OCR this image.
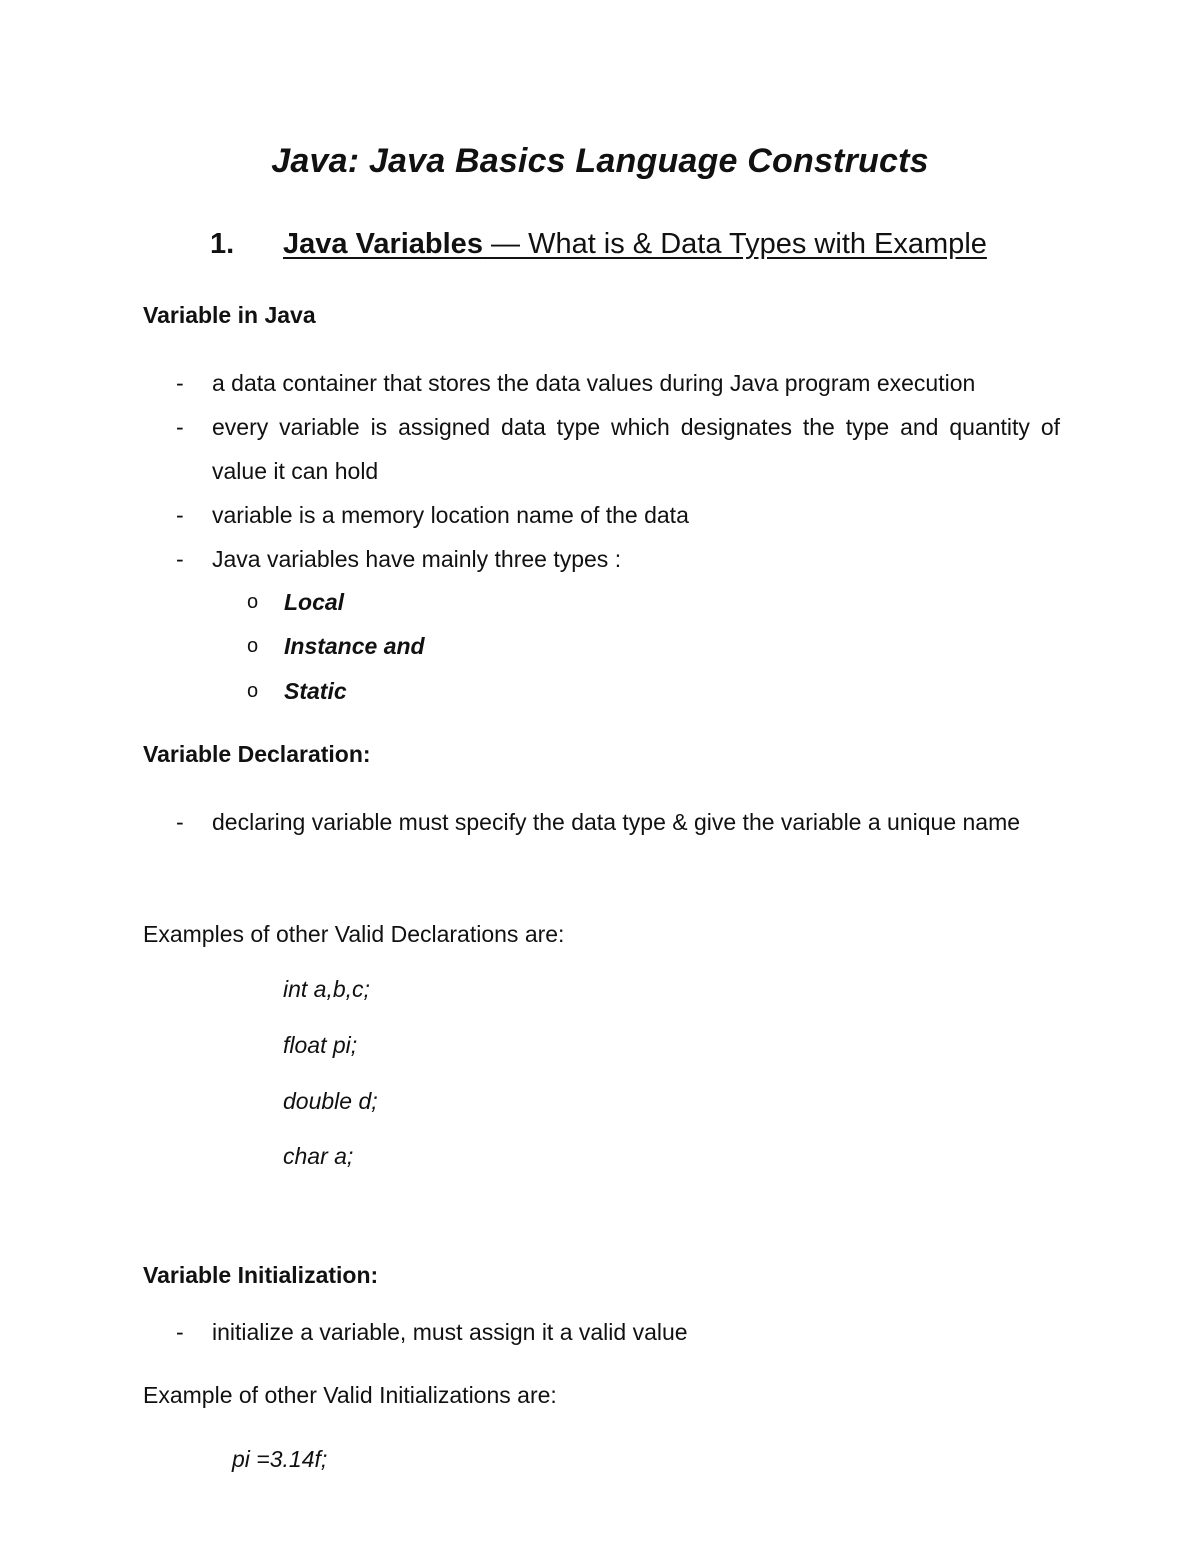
Java: Java Basics Language Constructs
1. Java Variables — What is & Data Types with Example
Variable in Java
- a data container that stores the data values during Java program execution
- every variable is assigned data type which designates the type and quantity of value it can hold
- variable is a memory location name of the data
- Java variables have mainly three types :
o Local
o Instance and
o Static
Variable Declaration:
- declaring variable must specify the data type & give the variable a unique name
Examples of other Valid Declarations are:
int a,b,c;
float pi;
double d;
char a;
Variable Initialization:
- initialize a variable, must assign it a valid value
Example of other Valid Initializations are:
pi =3.14f;
